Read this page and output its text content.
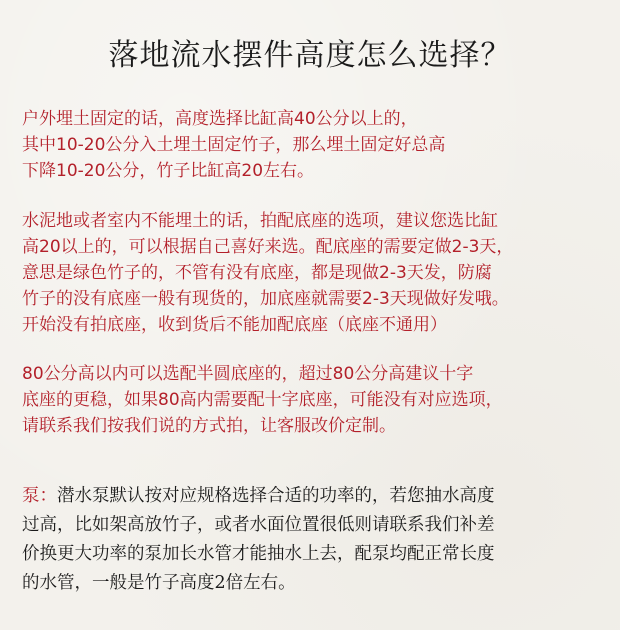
落地流水摆件高度怎么选择？
户外埋土固定的话，高度选择比缸高40公分以上的，
其中10-20公分入土埋土固定竹子，那么埋土固定好总高
下降10-20公分，竹子比缸高20左右。
水泥地或者室内不能埋土的话，拍配底座的选项，建议您选比缸
高20以上的，可以根据自己喜好来选。配底座的需要定做2-3天，
意思是绿色竹子的，不管有没有底座，都是现做2-3天发，防腐
竹子的没有底座一般有现货的，加底座就需要2-3天现做好发哦。
开始没有拍底座，收到货后不能加配底座（底座不通用）
80公分高以内可以选配半圆底座的，超过80公分高建议十字
底座的更稳，如果80高内需要配十字底座，可能没有对应选项，
请联系我们按我们说的方式拍，让客服改价定制。
泵：潜水泵默认按对应规格选择合适的功率的，若您抽水高度
过高，比如架高放竹子，或者水面位置很低则请联系我们补差
价换更大功率的泵加长水管才能抽水上去，配泵均配正常长度
的水管，一般是竹子高度2倍左右。
